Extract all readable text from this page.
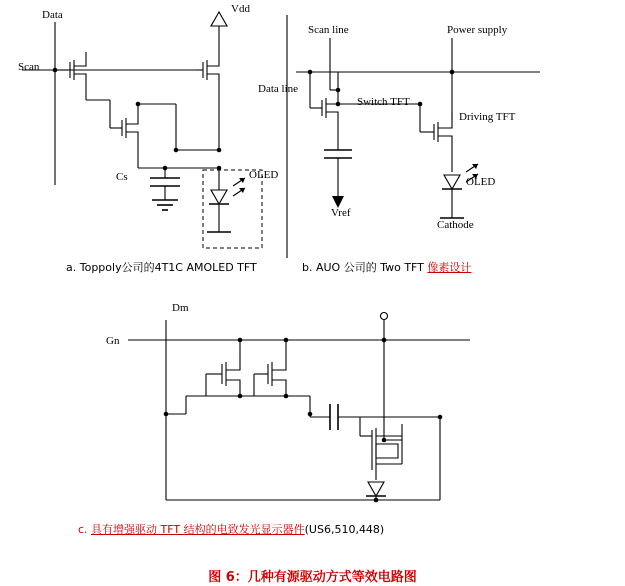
Data	Vdd
Scan
Cs	OLED
a. Toppoly公司的4T1C AMOLED TFT
Scan line	Power supply
Data line
Switch TFT
Driving TFT
Vref
OLED
Cathode
b. AUO 公司的 Two TFT 像素设计
Dm
Gn
c. 具有增强驱动 TFT 结构的电致发光显示器件(US6,510,448)
图 6：几种有源驱动方式等效电路图
